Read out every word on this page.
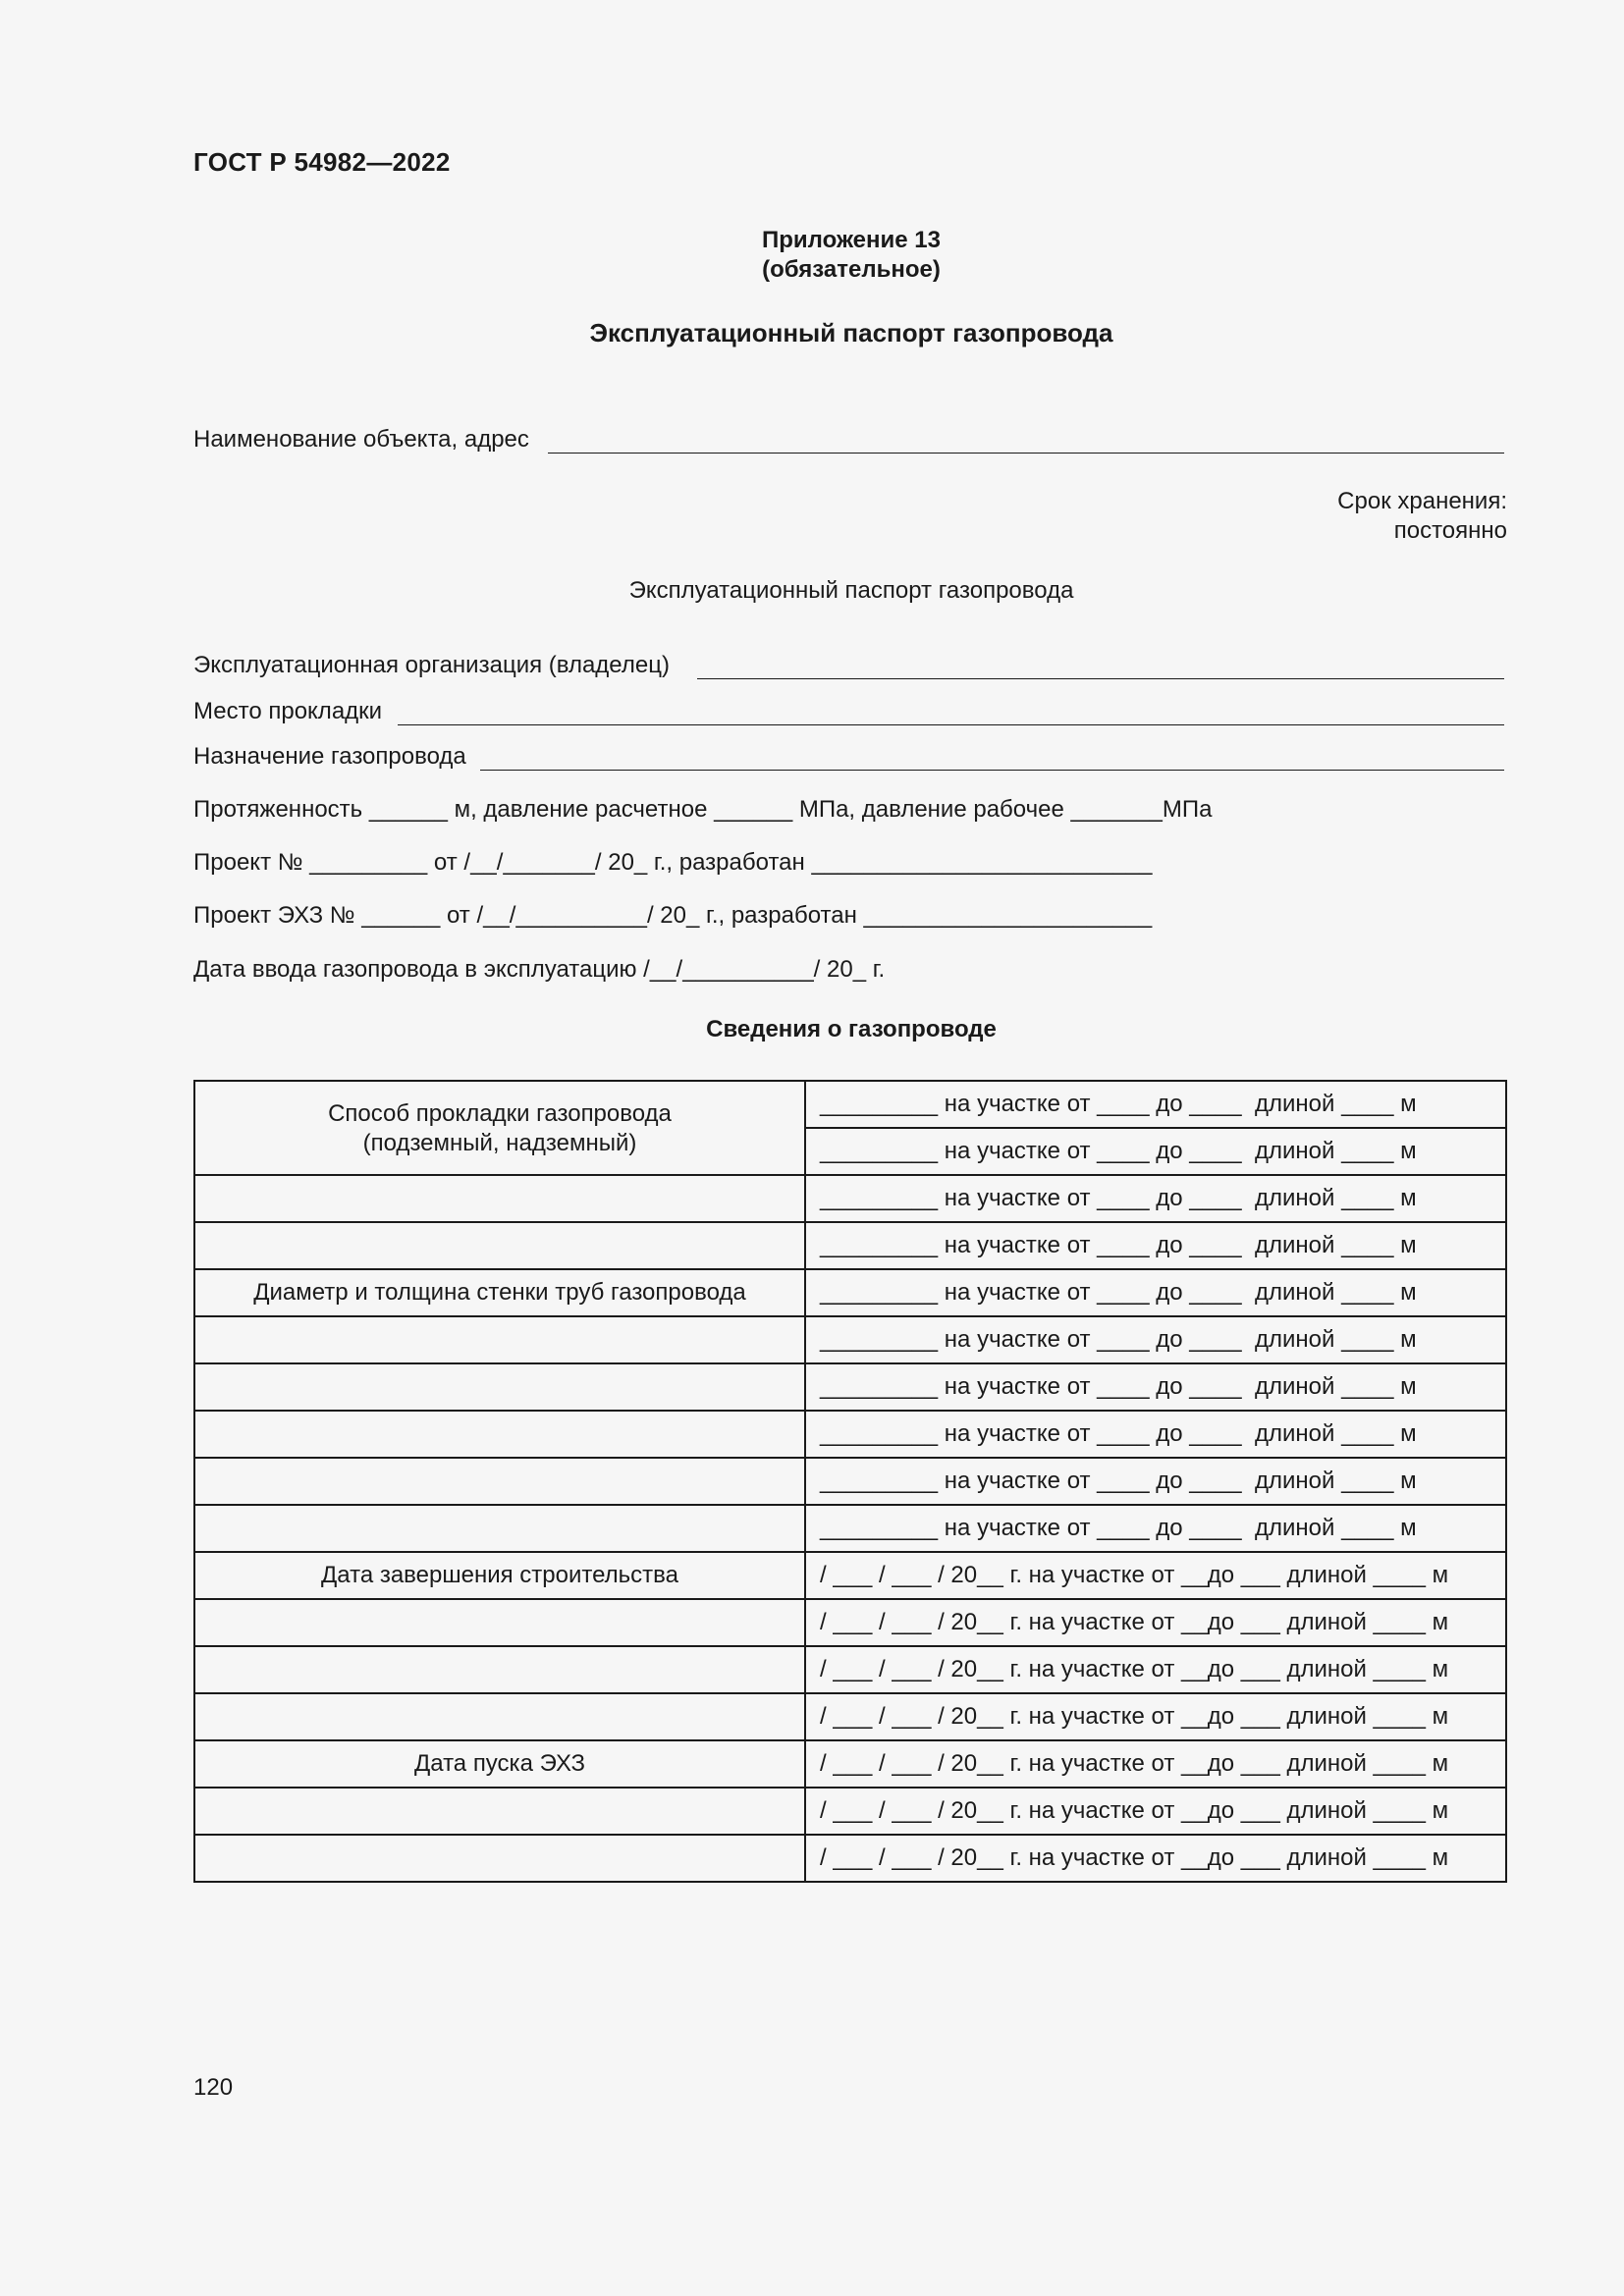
ГОСТ Р 54982—2022
Приложение 13
(обязательное)
Эксплуатационный паспорт газопровода
Наименование объекта, адрес
Срок хранения:
постоянно
Эксплуатационный паспорт газопровода
Эксплуатационная организация (владелец)
Место прокладки
Назначение газопровода
Протяженность ______ м, давление расчетное ______ МПа, давление рабочее _______МПа
Проект № _________ от /__/_______/ 20_ г., разработан __________________________
Проект ЭХЗ № ______ от /__/__________/ 20_ г., разработан ______________________
Дата ввода газопровода в эксплуатацию /__/__________/ 20_ г.
Сведения о газопроводе
Способ прокладки газопровода
(подземный, надземный)	_________ на участке от ____ до ____  длиной ____ м
	_________ на участке от ____ до ____  длиной ____ м
	_________ на участке от ____ до ____  длиной ____ м
	_________ на участке от ____ до ____  длиной ____ м
Диаметр и толщина стенки труб газопровода	_________ на участке от ____ до ____  длиной ____ м
	_________ на участке от ____ до ____  длиной ____ м
	_________ на участке от ____ до ____  длиной ____ м
	_________ на участке от ____ до ____  длиной ____ м
	_________ на участке от ____ до ____  длиной ____ м
	_________ на участке от ____ до ____  длиной ____ м
Дата завершения строительства	/ ___ / ___ / 20__ г. на участке от __до ___ длиной ____ м
	/ ___ / ___ / 20__ г. на участке от __до ___ длиной ____ м
	/ ___ / ___ / 20__ г. на участке от __до ___ длиной ____ м
	/ ___ / ___ / 20__ г. на участке от __до ___ длиной ____ м
Дата пуска ЭХЗ	/ ___ / ___ / 20__ г. на участке от __до ___ длиной ____ м
	/ ___ / ___ / 20__ г. на участке от __до ___ длиной ____ м
	/ ___ / ___ / 20__ г. на участке от __до ___ длиной ____ м
120
